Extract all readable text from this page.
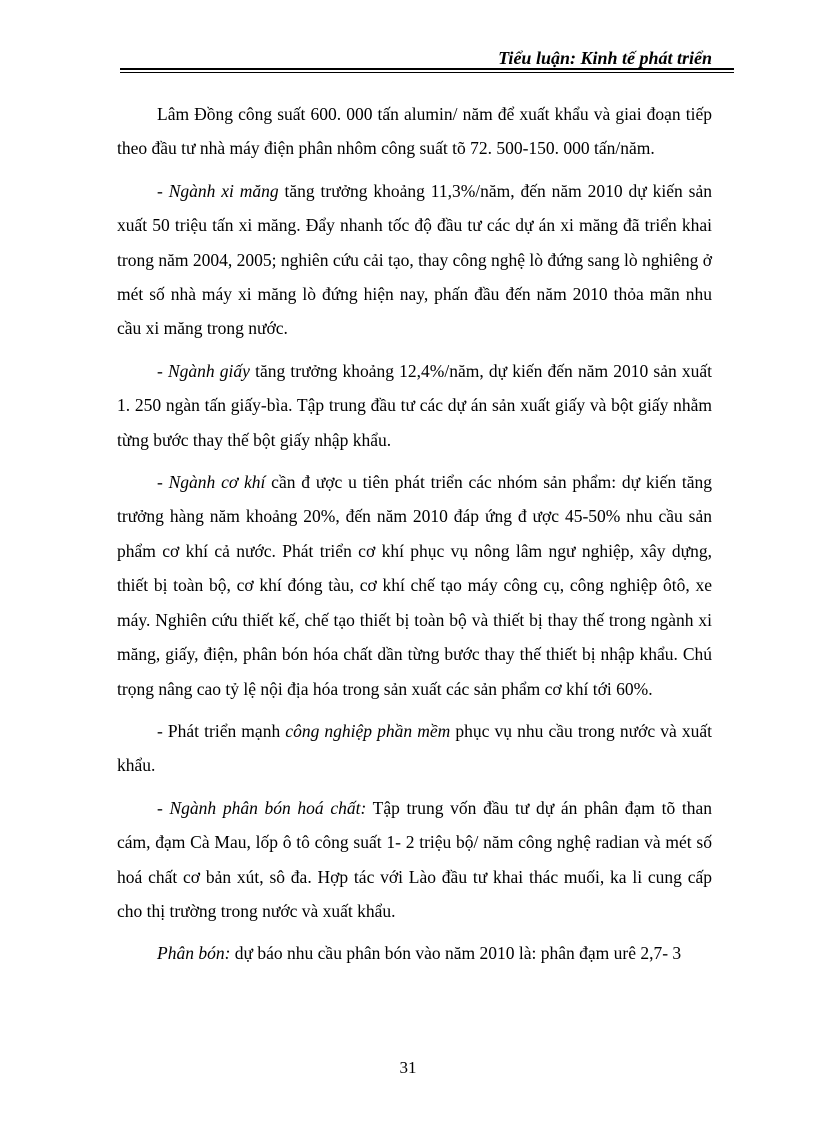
Tiểu luận: Kinh tế phát triển

Lâm Đồng công suất 600. 000 tấn alumin/ năm để xuất khẩu và giai đoạn tiếp theo đầu tư nhà máy điện phân nhôm công suất tõ 72. 500-150. 000 tấn/năm.

- Ngành xi măng tăng trưởng khoảng 11,3%/năm, đến năm 2010 dự kiến sản xuất 50 triệu tấn xi măng. Đẩy nhanh tốc độ đầu tư các dự án xi măng đã triển khai trong năm 2004, 2005; nghiên cứu cải tạo, thay công nghệ lò đứng sang lò nghiêng ở mét số nhà máy xi măng lò đứng hiện nay, phấn đầu đến năm 2010 thỏa mãn nhu cầu xi măng trong nước.

- Ngành giấy tăng trưởng khoảng 12,4%/năm, dự kiến đến năm 2010 sản xuất 1. 250 ngàn tấn giấy-bìa. Tập trung đầu tư các dự án sản xuất giấy và bột giấy nhằm từng bước thay thế bột giấy nhập khẩu.

- Ngành cơ khí cần đ ược u tiên phát triển các nhóm sản phẩm: dự kiến tăng trưởng hàng năm khoảng 20%, đến năm 2010 đáp ứng đ ược 45-50% nhu cầu sản phẩm cơ khí cả nước. Phát triển cơ khí phục vụ nông lâm ngư nghiệp, xây dựng, thiết bị toàn bộ, cơ khí đóng tàu, cơ khí chế tạo máy công cụ, công nghiệp ôtô, xe máy. Nghiên cứu thiết kế, chế tạo thiết bị toàn bộ và thiết bị thay thế trong ngành xi măng, giấy, điện, phân bón hóa chất dần từng bước thay thế thiết bị nhập khẩu. Chú trọng nâng cao tỷ lệ nội địa hóa trong sản xuất các sản phẩm cơ khí tới 60%.

- Phát triển mạnh công nghiệp phần mềm phục vụ nhu cầu trong nước và xuất khẩu.

- Ngành phân bón hoá chất: Tập trung vốn đầu tư dự án phân đạm tõ than cám, đạm Cà Mau, lốp ô tô công suất 1- 2 triệu bộ/ năm công nghệ radian và mét số hoá chất cơ bản xút, sô đa. Hợp tác với Lào đầu tư khai thác muối, ka li cung cấp cho thị trường trong nước và xuất khẩu.

Phân bón: dự báo nhu cầu phân bón vào năm 2010 là: phân đạm urê 2,7- 3

31
